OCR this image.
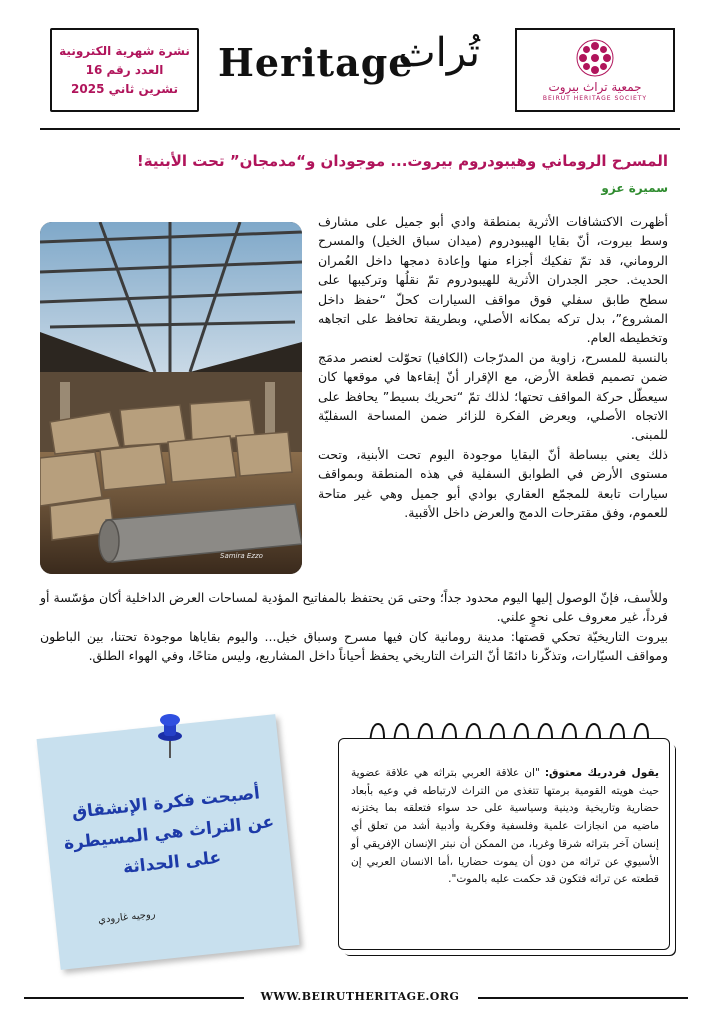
نشرة شهرية الكترونية
العدد رقم 16
تشرين ثاني 2025
Heritage
تُراث
جمعية تراث بيروت
BEIRUT HERITAGE SOCIETY
المسرح الروماني وهيبودروم بيروت... موجودان و“مدمجان” تحت الأبنية!
سميرة عزو
Samira Ezzo

أظهرت الاكتشافات الأثرية بمنطقة وادي أبو جميل على مشارف وسط بيروت، أنّ بقايا الهيبودروم (ميدان سباق الخيل) والمسرح الروماني، قد تمّ تفكيك أجزاء منها وإعادة دمجها داخل العُمران الحديث. حجر الجدران الأثرية للهيبودروم تمّ نقلُها وتركيبها على سطح طابق سفلي فوق مواقف السيارات كحلّ “حفظ داخل المشروع”، بدل تركه بمكانه الأصلي، وبطريقة تحافظ على اتجاهه وتخطيطه العام.

بالنسبة للمسرح، زاوية من المدرّجات (الكافيا) تحوّلت لعنصر مدمَج ضمن تصميم قطعة الأرض، مع الإقرار أنّ إبقاءها في موقعها كان سيعطّل حركة المواقف تحتها؛ لذلك تمّ “تحريك بسيط” يحافظ على الاتجاه الأصلي، ويعرض الفكرة للزائر ضمن المساحة السفليّة للمبنى.

ذلك يعني ببساطة أنّ البقايا موجودة اليوم تحت الأبنية، وتحت مستوى الأرض في الطوابق السفلية في هذه المنطقة وبمواقف سيارات تابعة للمجمّع العقاري بوادي أبو جميل وهي غير متاحة للعموم، وفق مقترحات الدمج والعرض داخل الأقبية.

وللأسف، فإنّ الوصول إليها اليوم محدود جداً؛ وحتى مَن يحتفظ بالمفاتيح المؤدية لمساحات العرض الداخلية أكان مؤسّسة أو فرداً، غير معروف على نحوٍ علني.

بيروت التاريخيّة تحكي قصتها: مدينة رومانية كان فيها مسرح وسباق خيل... واليوم بقاياها موجودة تحتنا، بين الباطون ومواقف السيّارات، وتذكّرنا دائمًا أنّ التراث التاريخي يحفظ أحياناً داخل المشاريع، وليس متاحًا، وفي الهواء الطلق.

أصبحت فكرة الإنشقاق عن التراث هي المسيطرة على الحداثة
روجيه غارودي
يقول فردريك معتوق: "ان علاقة العربي بتراثه هي علاقة عضوية حيث هويته القومية برمتها تتغذى من التراث لارتباطه في وعيه بأبعاد حضارية وتاريخية ودينية وسياسية على حد سواء فتعلقه بما يختزنه ماضيه من انجازات علمية وفلسفية وفكرية وأدبية أشد من تعلق أي إنسان آخر بتراثه شرقا وغربا، من الممكن أن نبتر الإنسان الإفريقي أو الأسيوي عن تراثه من دون أن يموت حضاريا ،أما الانسان العربي إن قطعته عن تراثه فتكون قد حكمت عليه بالموت".
WWW.BEIRUTHERITAGE.ORG
